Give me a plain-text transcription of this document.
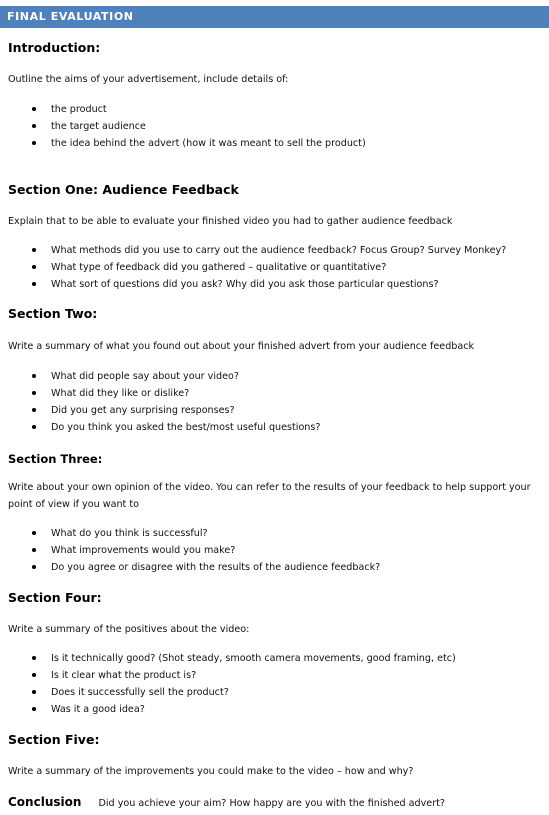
FINAL EVALUATION
Introduction:
Outline the aims of your advertisement, include details of:
the product
the target audience
the idea behind the advert (how it was meant to sell the product)
Section One: Audience Feedback
Explain that to be able to evaluate your finished video you had to gather audience feedback
What methods did you use to carry out the audience feedback? Focus Group? Survey Monkey?
What type of feedback did you gathered – qualitative or quantitative?
What sort of questions did you ask? Why did you ask those particular questions?
Section Two:
Write a summary of what you found out about your finished advert from your audience feedback
What did people say about your video?
What did they like or dislike?
Did you get any surprising responses?
Do you think you asked the best/most useful questions?
Section Three:
Write about your own opinion of the video. You can refer to the results of your feedback to help support your point of view if you want to
What do you think is successful?
What improvements would you make?
Do you agree or disagree with the results of the audience feedback?
Section Four:
Write a summary of the positives about the video:
Is it technically good? (Shot steady, smooth camera movements, good framing, etc)
Is it clear what the product is?
Does it successfully sell the product?
Was it a good idea?
Section Five:
Write a summary of the improvements you could make to the video – how and why?
Conclusion Did you achieve your aim? How happy are you with the finished advert?
